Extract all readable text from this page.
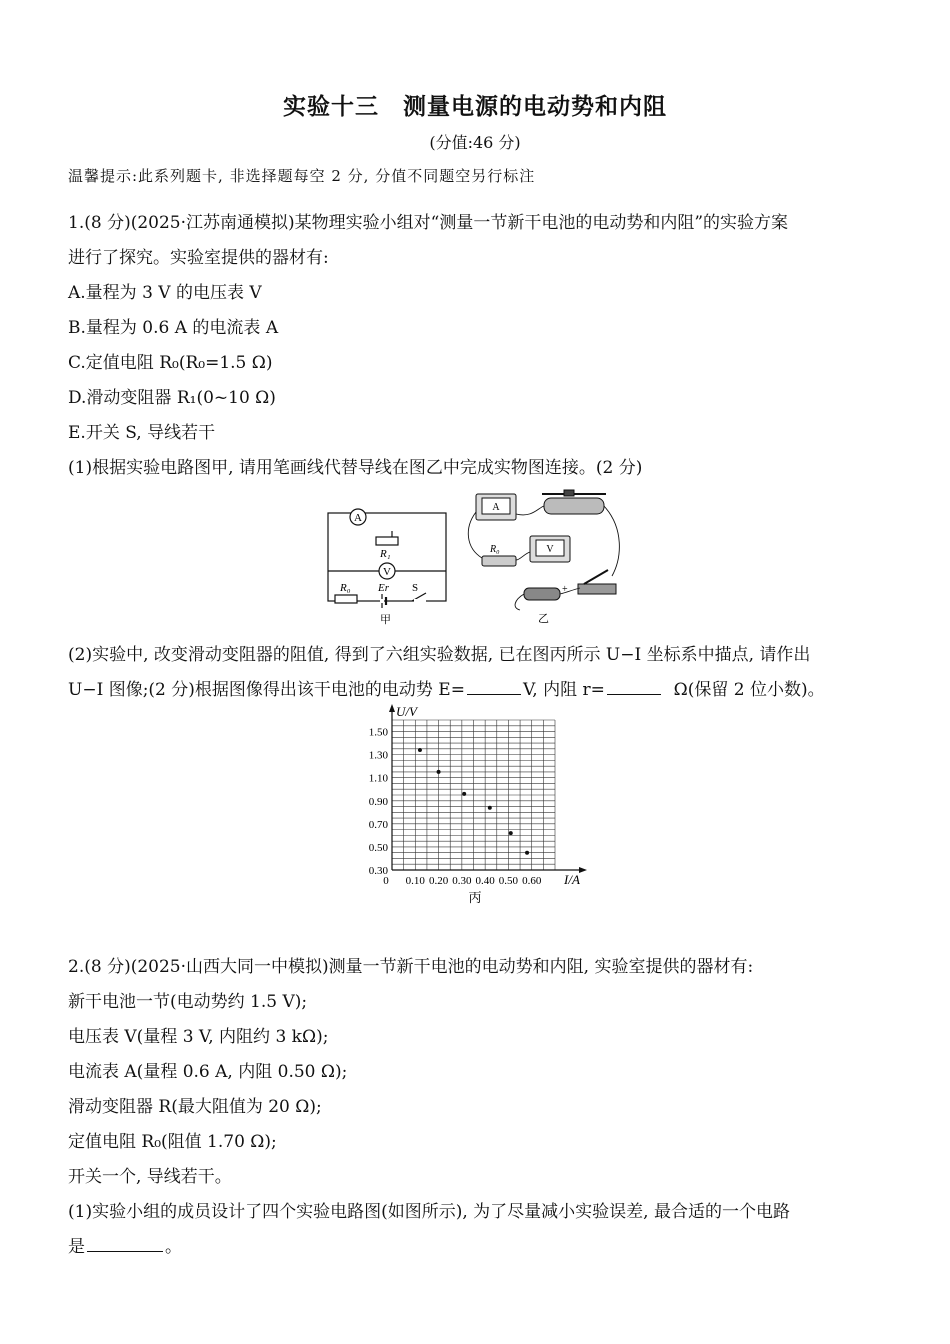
实验十三　测量电源的电动势和内阻
(分值:46 分)
温馨提示:此系列题卡, 非选择题每空 2 分, 分值不同题空另行标注
1.(8 分)(2025·江苏南通模拟)某物理实验小组对“测量一节新干电池的电动势和内阻”的实验方案
进行了探究。实验室提供的器材有:
A.量程为 3 V 的电压表 V
B.量程为 0.6 A 的电流表 A
C.定值电阻 R₀(R₀=1.5 Ω)
D.滑动变阻器 R₁(0~10 Ω)
E.开关 S, 导线若干
(1)根据实验电路图甲, 请用笔画线代替导线在图乙中完成实物图连接。(2 分)
A
V
R₁
R₀ Er S
甲
A
V
R₀
+
乙
(2)实验中, 改变滑动变阻器的阻值, 得到了六组实验数据, 已在图丙所示 U−I 坐标系中描点, 请作出
U−I 图像;(2 分)根据图像得出该干电池的电动势 E=	V, 内阻 r=	Ω(保留 2 位小数)。
0.10 0.20 0.30 0.40 0.50 0.60
1.50
1.30
1.10
0.90
0.70
0.50
0.30
U/V
I/A
0
丙
2.(8 分)(2025·山西大同一中模拟)测量一节新干电池的电动势和内阻, 实验室提供的器材有:
新干电池一节(电动势约 1.5 V);
电压表 V(量程 3 V, 内阻约 3 kΩ);
电流表 A(量程 0.6 A, 内阻 0.50 Ω);
滑动变阻器 R(最大阻值为 20 Ω);
定值电阻 R₀(阻值 1.70 Ω);
开关一个, 导线若干。
(1)实验小组的成员设计了四个实验电路图(如图所示), 为了尽量减小实验误差, 最合适的一个电路
是	。
